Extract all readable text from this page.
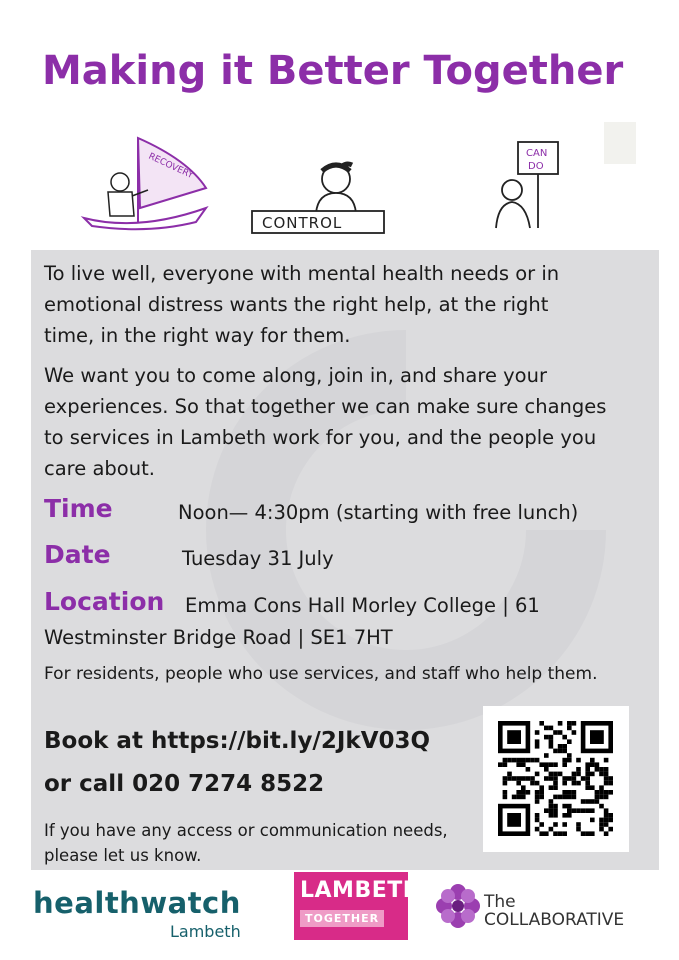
Making it Better Together
RECOVERY
CONTROL
CAN
DO
To live well, everyone with mental health needs or in
emotional distress wants the right help, at the right
time, in the right way for them.
We want you to come along, join in, and share your
experiences. So that together we can make sure changes
to services in Lambeth work for you, and the people you
care about.
Time	Noon— 4:30pm (starting with free lunch)
Date	Tuesday 31 July
Location Emma Cons Hall Morley College | 61
Westminster Bridge Road | SE1 7HT
For residents, people who use services, and staff who help them.
Book at https://bit.ly/2JkV03Q
or call 020 7274 8522
If you have any access or communication needs,
please let us know.
healthwatch
Lambeth
LAMBETH
TOGETHER
The
COLLABORATIVE
